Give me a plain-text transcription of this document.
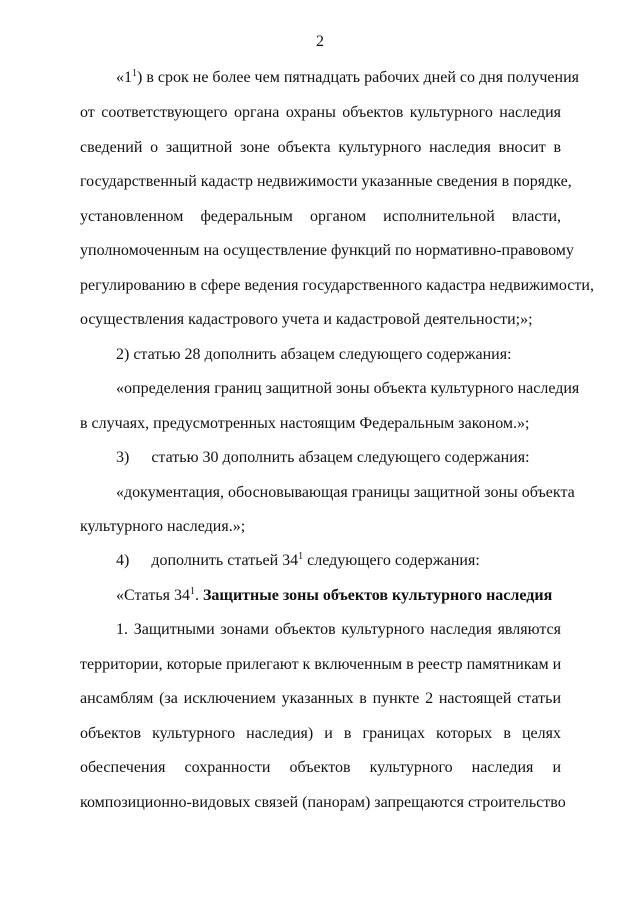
2
«$1^1$) в срок не более чем пятнадцать рабочих дней со дня получения
от соответствующего органа охраны объектов культурного наследия
сведений о защитной зоне объекта культурного наследия вносит в
государственный кадастр недвижимости указанные сведения в порядке,
установленном федеральным органом исполнительной власти,
уполномоченным на осуществление функций по нормативно-правовому
регулированию в сфере ведения государственного кадастра недвижимости,
осуществления кадастрового учета и кадастровой деятельности;»;
2) статью 28 дополнить абзацем следующего содержания:
«определения границ защитной зоны объекта культурного наследия
в случаях, предусмотренных настоящим Федеральным законом.»;
3) статью 30 дополнить абзацем следующего содержания:
«документация, обосновывающая границы защитной зоны объекта
культурного наследия.»;
4) дополнить статьей $34^1$ следующего содержания:
«Статья $34^1$. Защитные зоны объектов культурного наследия
1. Защитными зонами объектов культурного наследия являются
территории, которые прилегают к включенным в реестр памятникам и
ансамблям (за исключением указанных в пункте 2 настоящей статьи
объектов культурного наследия) и в границах которых в целях
обеспечения сохранности объектов культурного наследия и
композиционно-видовых связей (панорам) запрещаются строительство
